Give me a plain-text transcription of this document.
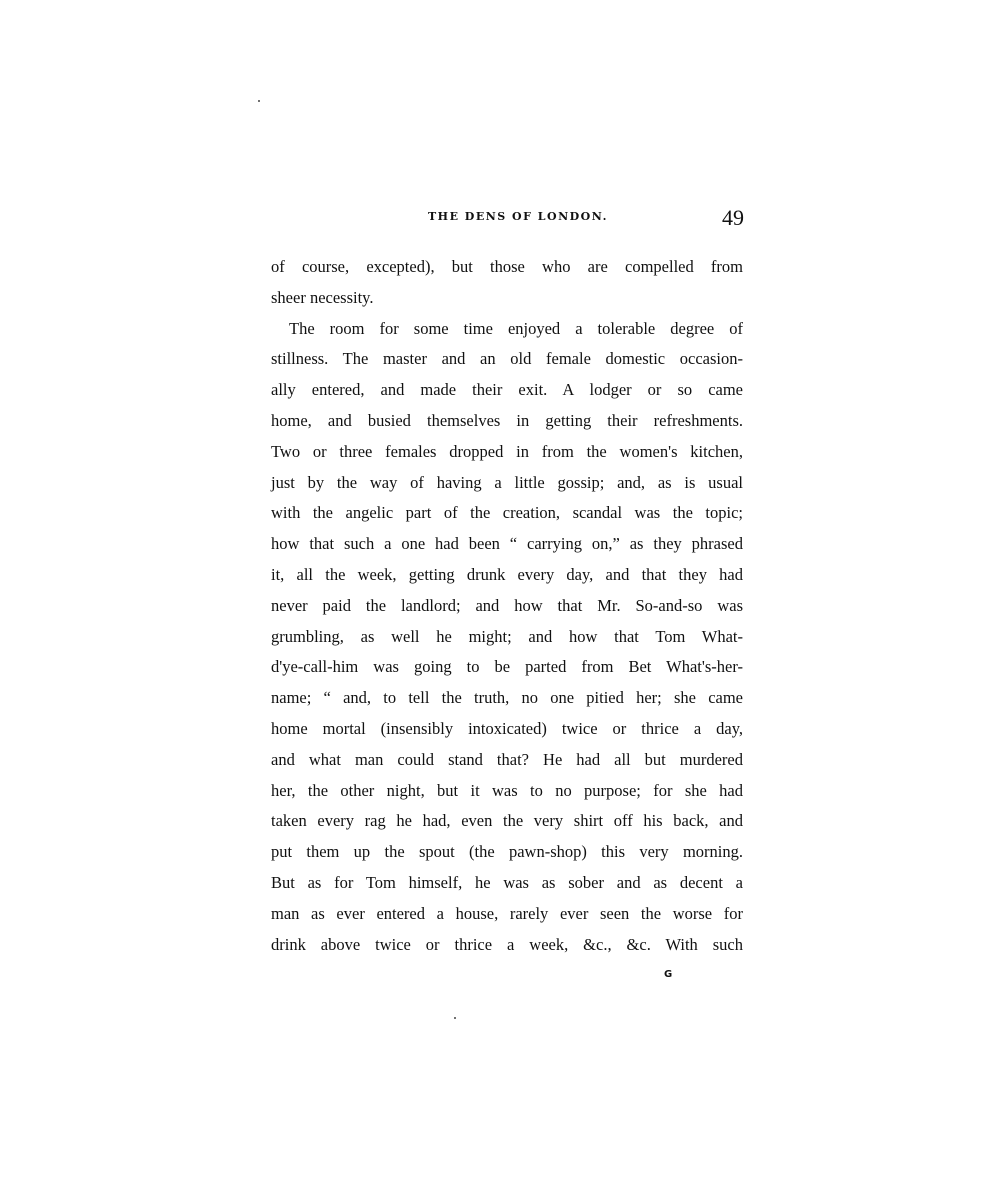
THE DENS OF LONDON.	49
of course, excepted), but those who are compelled from
sheer necessity.
The room for some time enjoyed a tolerable degree of
stillness. The master and an old female domestic occasion-
ally entered, and made their exit. A lodger or so came
home, and busied themselves in getting their refreshments.
Two or three females dropped in from the women's kitchen,
just by the way of having a little gossip; and, as is usual
with the angelic part of the creation, scandal was the topic;
how that such a one had been “ carrying on,” as they phrased
it, all the week, getting drunk every day, and that they had
never paid the landlord; and how that Mr. So-and-so was
grumbling, as well he might; and how that Tom What-
d'ye-call-him was going to be parted from Bet What's-her-
name; “ and, to tell the truth, no one pitied her; she came
home mortal (insensibly intoxicated) twice or thrice a day,
and what man could stand that? He had all but murdered
her, the other night, but it was to no purpose; for she had
taken every rag he had, even the very shirt off his back, and
put them up the spout (the pawn-shop) this very morning.
But as for Tom himself, he was as sober and as decent a
man as ever entered a house, rarely ever seen the worse for
drink above twice or thrice a week, &c., &c. With such
G
